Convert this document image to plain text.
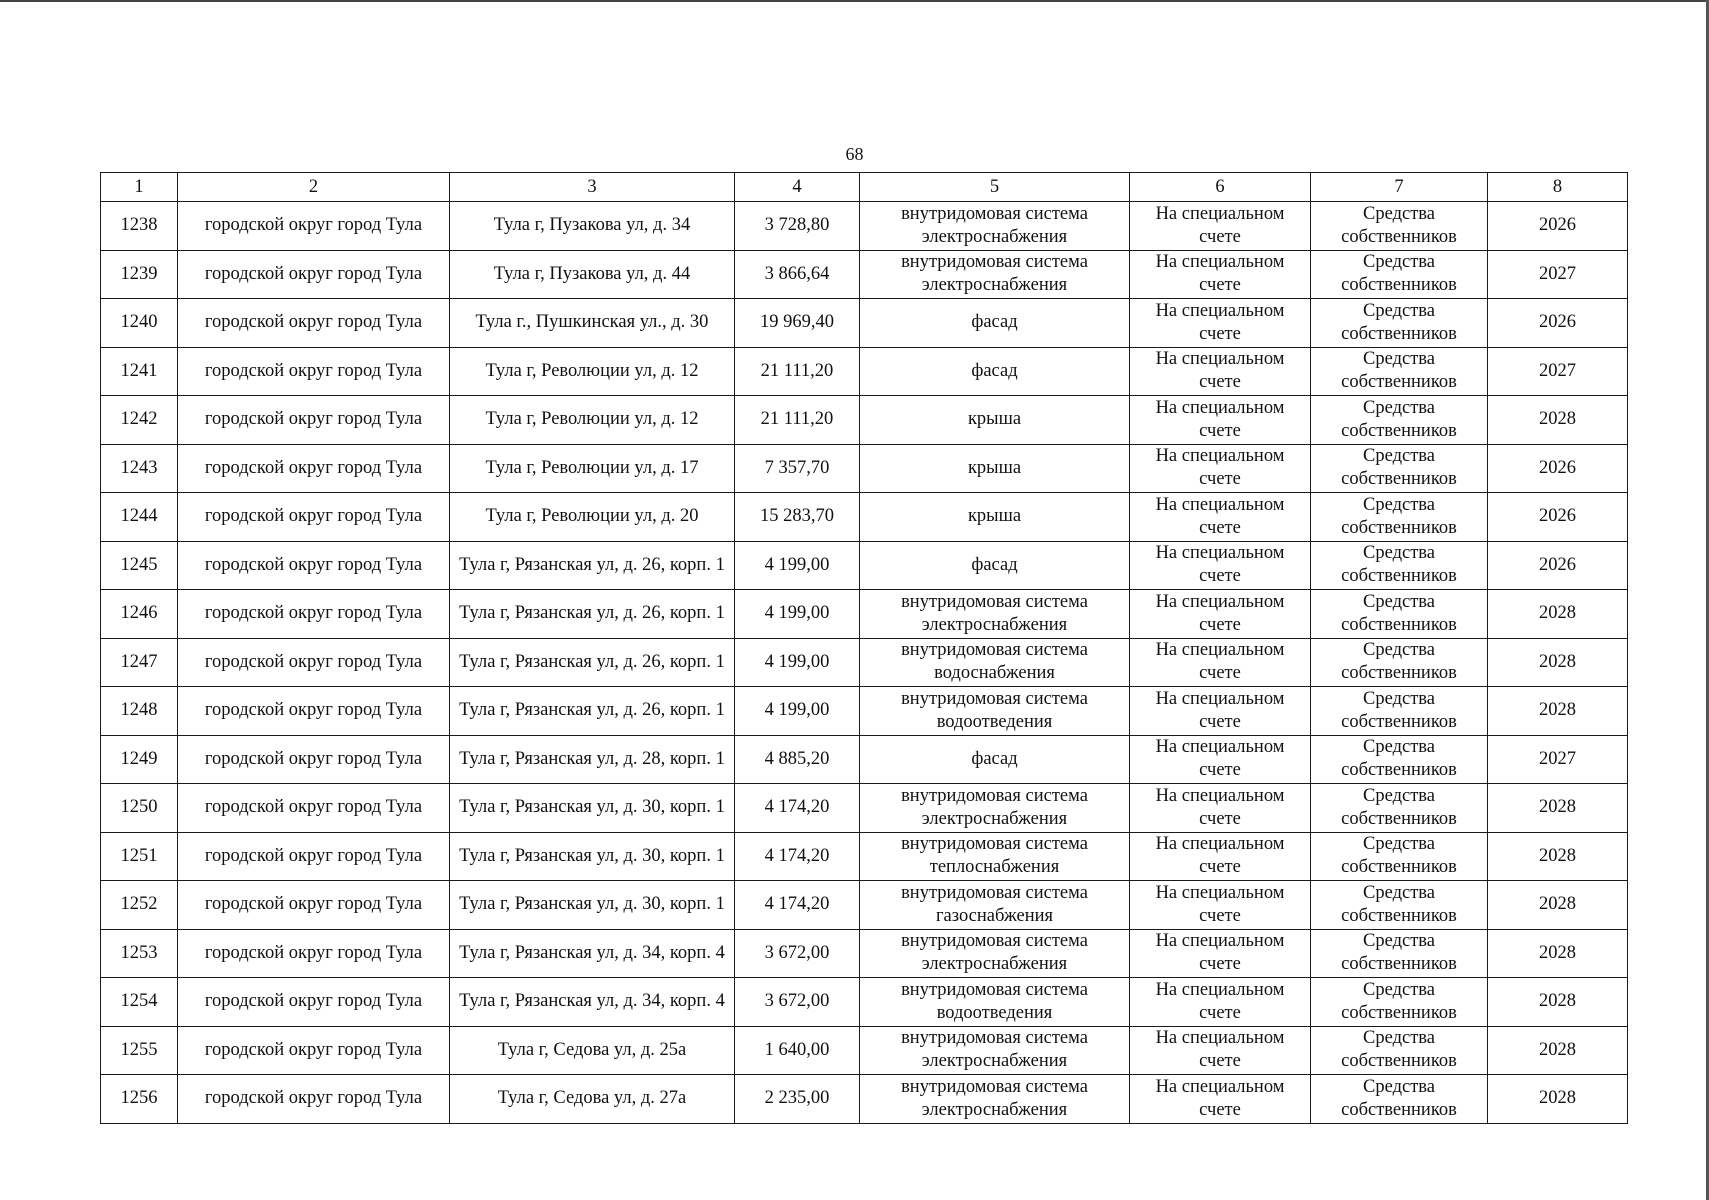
68
1	2	3	4	5	6	7	8
1238	городской округ город Тула	Тула г, Пузакова ул, д. 34	3 728,80	внутридомовая система электроснабжения	На специальном счете	Средства собственников	2026
1239	городской округ город Тула	Тула г, Пузакова ул, д. 44	3 866,64	внутридомовая система электроснабжения	На специальном счете	Средства собственников	2027
1240	городской округ город Тула	Тула г., Пушкинская ул., д. 30	19 969,40	фасад	На специальном счете	Средства собственников	2026
1241	городской округ город Тула	Тула г, Революции ул, д. 12	21 111,20	фасад	На специальном счете	Средства собственников	2027
1242	городской округ город Тула	Тула г, Революции ул, д. 12	21 111,20	крыша	На специальном счете	Средства собственников	2028
1243	городской округ город Тула	Тула г, Революции ул, д. 17	7 357,70	крыша	На специальном счете	Средства собственников	2026
1244	городской округ город Тула	Тула г, Революции ул, д. 20	15 283,70	крыша	На специальном счете	Средства собственников	2026
1245	городской округ город Тула	Тула г, Рязанская ул, д. 26, корп. 1	4 199,00	фасад	На специальном счете	Средства собственников	2026
1246	городской округ город Тула	Тула г, Рязанская ул, д. 26, корп. 1	4 199,00	внутридомовая система электроснабжения	На специальном счете	Средства собственников	2028
1247	городской округ город Тула	Тула г, Рязанская ул, д. 26, корп. 1	4 199,00	внутридомовая система водоснабжения	На специальном счете	Средства собственников	2028
1248	городской округ город Тула	Тула г, Рязанская ул, д. 26, корп. 1	4 199,00	внутридомовая система водоотведения	На специальном счете	Средства собственников	2028
1249	городской округ город Тула	Тула г, Рязанская ул, д. 28, корп. 1	4 885,20	фасад	На специальном счете	Средства собственников	2027
1250	городской округ город Тула	Тула г, Рязанская ул, д. 30, корп. 1	4 174,20	внутридомовая система электроснабжения	На специальном счете	Средства собственников	2028
1251	городской округ город Тула	Тула г, Рязанская ул, д. 30, корп. 1	4 174,20	внутридомовая система теплоснабжения	На специальном счете	Средства собственников	2028
1252	городской округ город Тула	Тула г, Рязанская ул, д. 30, корп. 1	4 174,20	внутридомовая система газоснабжения	На специальном счете	Средства собственников	2028
1253	городской округ город Тула	Тула г, Рязанская ул, д. 34, корп. 4	3 672,00	внутридомовая система электроснабжения	На специальном счете	Средства собственников	2028
1254	городской округ город Тула	Тула г, Рязанская ул, д. 34, корп. 4	3 672,00	внутридомовая система водоотведения	На специальном счете	Средства собственников	2028
1255	городской округ город Тула	Тула г, Седова ул, д. 25а	1 640,00	внутридомовая система электроснабжения	На специальном счете	Средства собственников	2028
1256	городской округ город Тула	Тула г, Седова ул, д. 27а	2 235,00	внутридомовая система электроснабжения	На специальном счете	Средства собственников	2028
